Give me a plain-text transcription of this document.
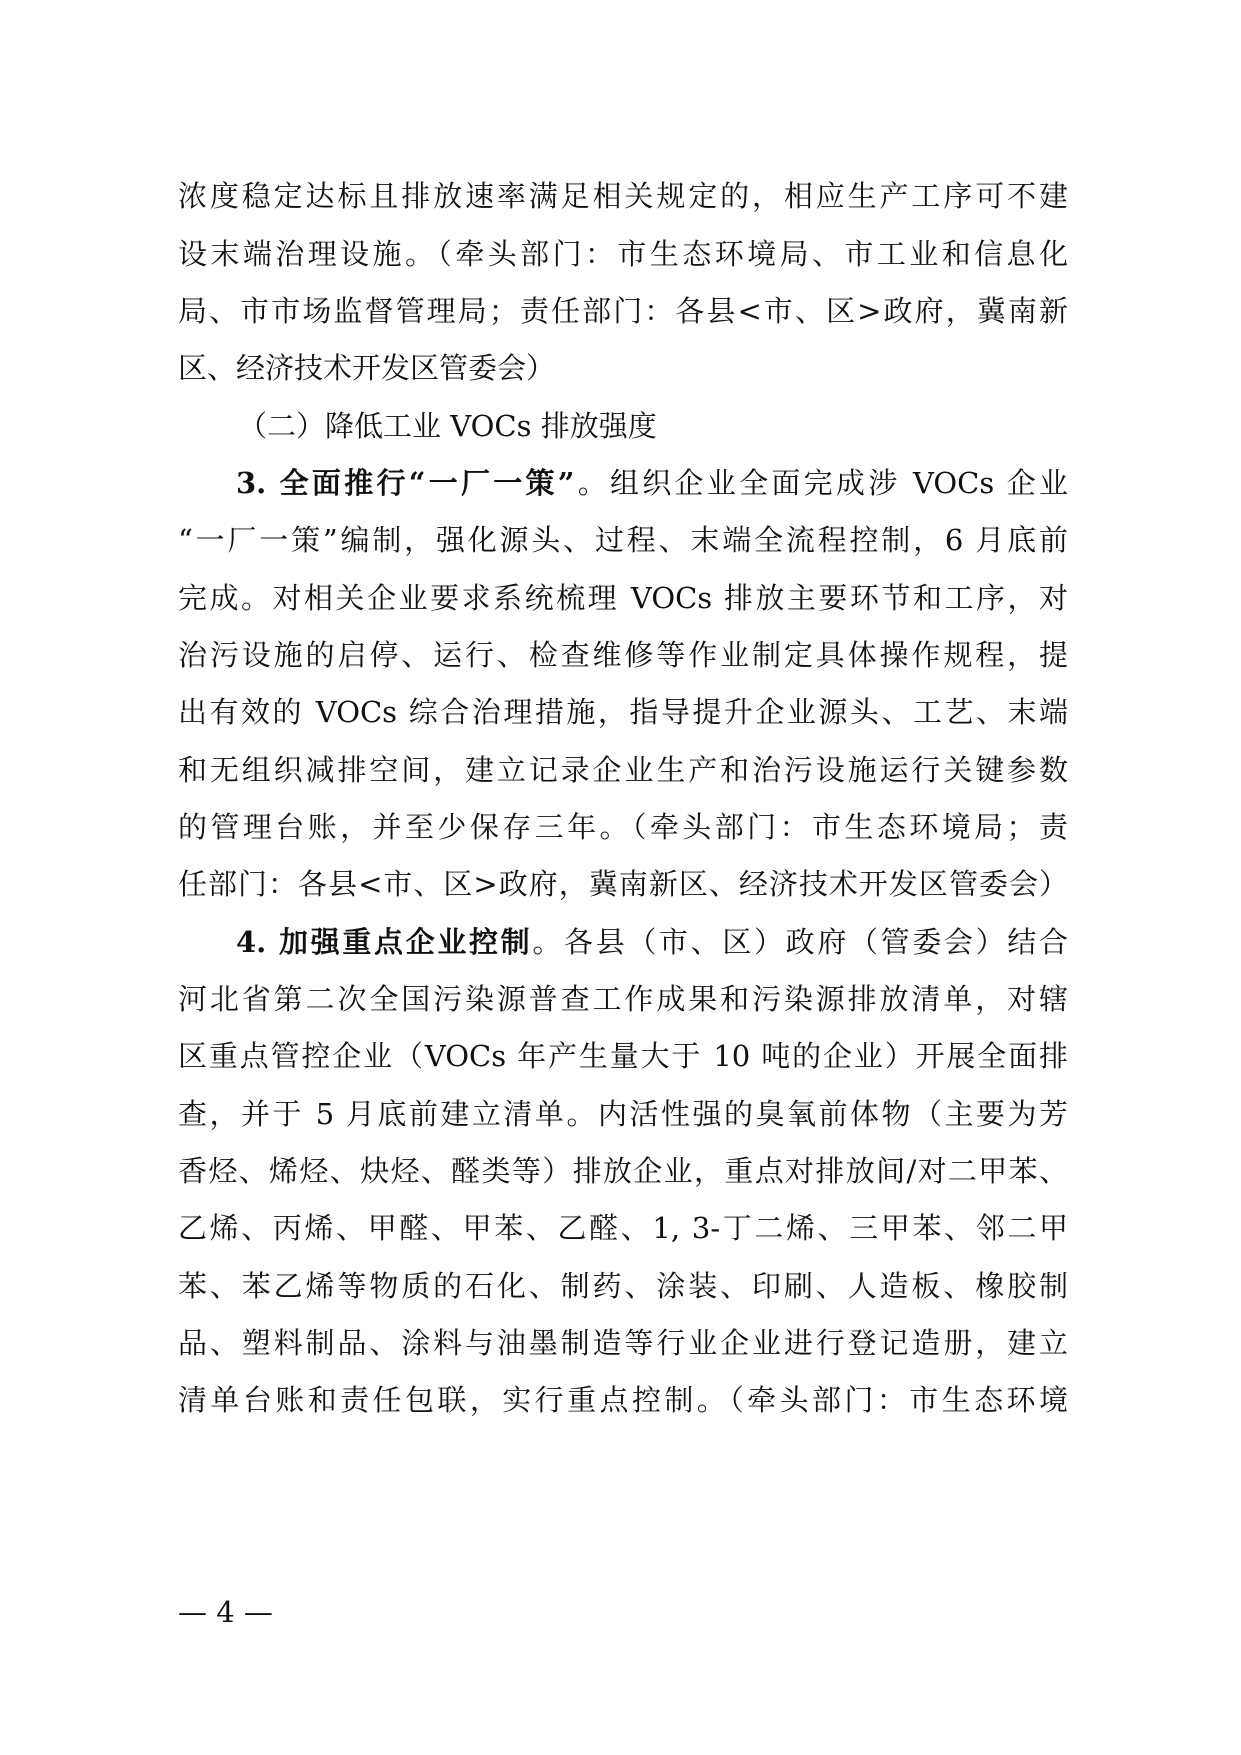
浓度稳定达标且排放速率满足相关规定的，相应生产工序可不建
设末端治理设施。（牵头部门：市生态环境局、市工业和信息化
局、市市场监督管理局；责任部门：各县<市、区>政府，冀南新
区、经济技术开发区管委会）
（二）降低工业 VOCs 排放强度
3. 全面推行“一厂一策”。组织企业全面完成涉 VOCs 企业
“一厂一策”编制，强化源头、过程、末端全流程控制，6 月底前
完成。对相关企业要求系统梳理 VOCs 排放主要环节和工序，对
治污设施的启停、运行、检查维修等作业制定具体操作规程，提
出有效的 VOCs 综合治理措施，指导提升企业源头、工艺、末端
和无组织减排空间，建立记录企业生产和治污设施运行关键参数
的管理台账，并至少保存三年。（牵头部门：市生态环境局；责
任部门：各县<市、区>政府，冀南新区、经济技术开发区管委会）
4. 加强重点企业控制。各县（市、区）政府（管委会）结合
河北省第二次全国污染源普查工作成果和污染源排放清单，对辖
区重点管控企业（VOCs 年产生量大于 10 吨的企业）开展全面排
查，并于 5 月底前建立清单。内活性强的臭氧前体物（主要为芳
香烃、烯烃、炔烃、醛类等）排放企业，重点对排放间/对二甲苯、
乙烯、丙烯、甲醛、甲苯、乙醛、1, 3-丁二烯、三甲苯、邻二甲
苯、苯乙烯等物质的石化、制药、涂装、印刷、人造板、橡胶制
品、塑料制品、涂料与油墨制造等行业企业进行登记造册，建立
清单台账和责任包联，实行重点控制。（牵头部门：市生态环境
— 4 —
